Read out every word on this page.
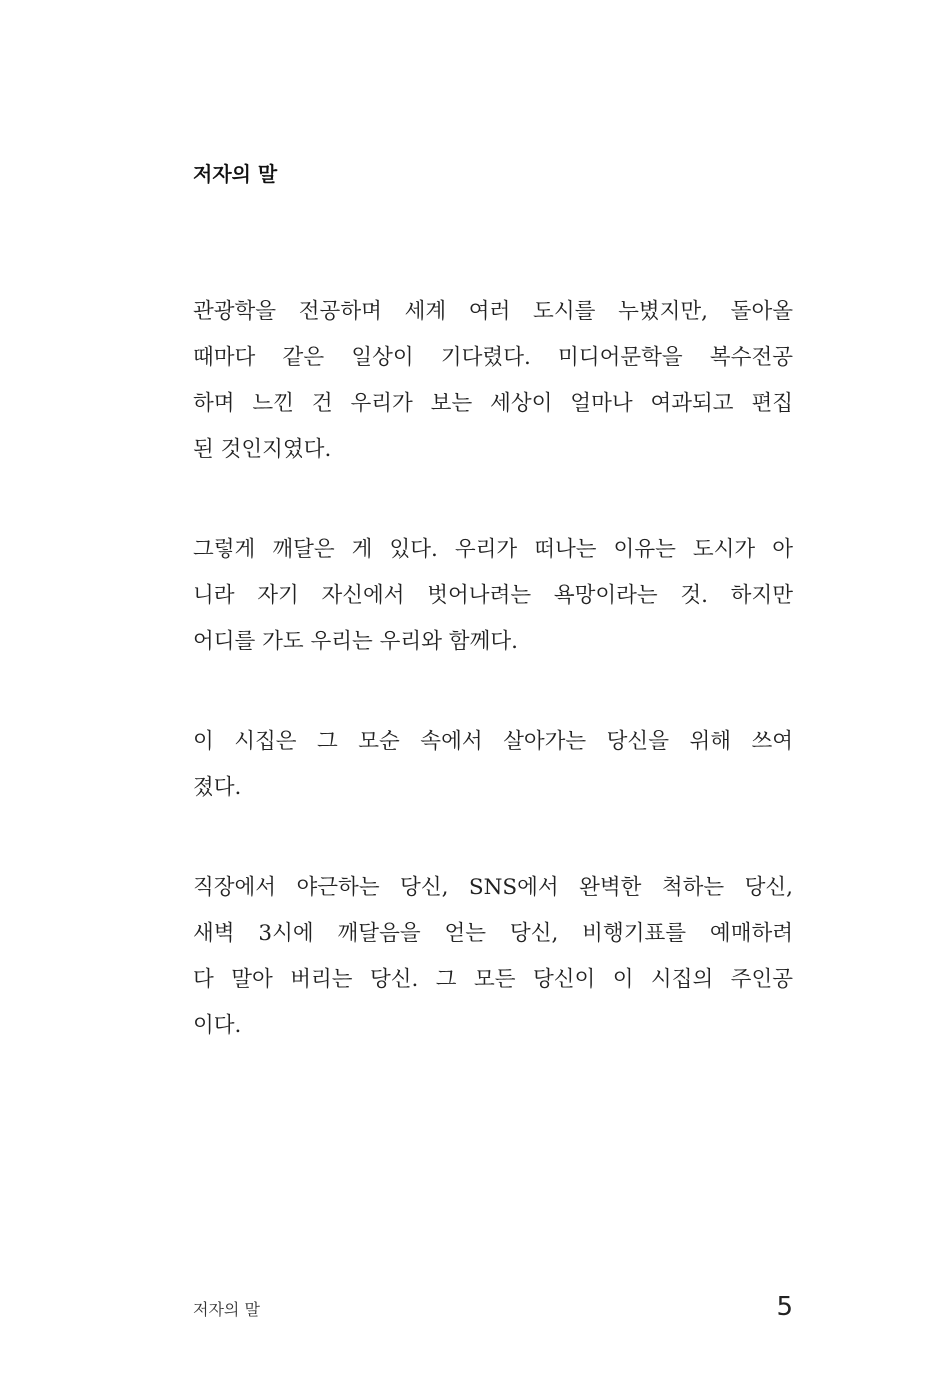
저자의 말

관광학을 전공하며 세계 여러 도시를 누볐지만, 돌아올
때마다 같은 일상이 기다렸다. 미디어문학을 복수전공
하며 느낀 건 우리가 보는 세상이 얼마나 여과되고 편집
된 것인지였다.

그렇게 깨달은 게 있다. 우리가 떠나는 이유는 도시가 아
니라 자기 자신에서 벗어나려는 욕망이라는 것. 하지만
어디를 가도 우리는 우리와 함께다.

이 시집은 그 모순 속에서 살아가는 당신을 위해 쓰여
졌다.

직장에서 야근하는 당신, SNS에서 완벽한 척하는 당신,
새벽 3시에 깨달음을 얻는 당신, 비행기표를 예매하려
다 말아 버리는 당신. 그 모든 당신이 이 시집의 주인공
이다.

저자의 말	5
